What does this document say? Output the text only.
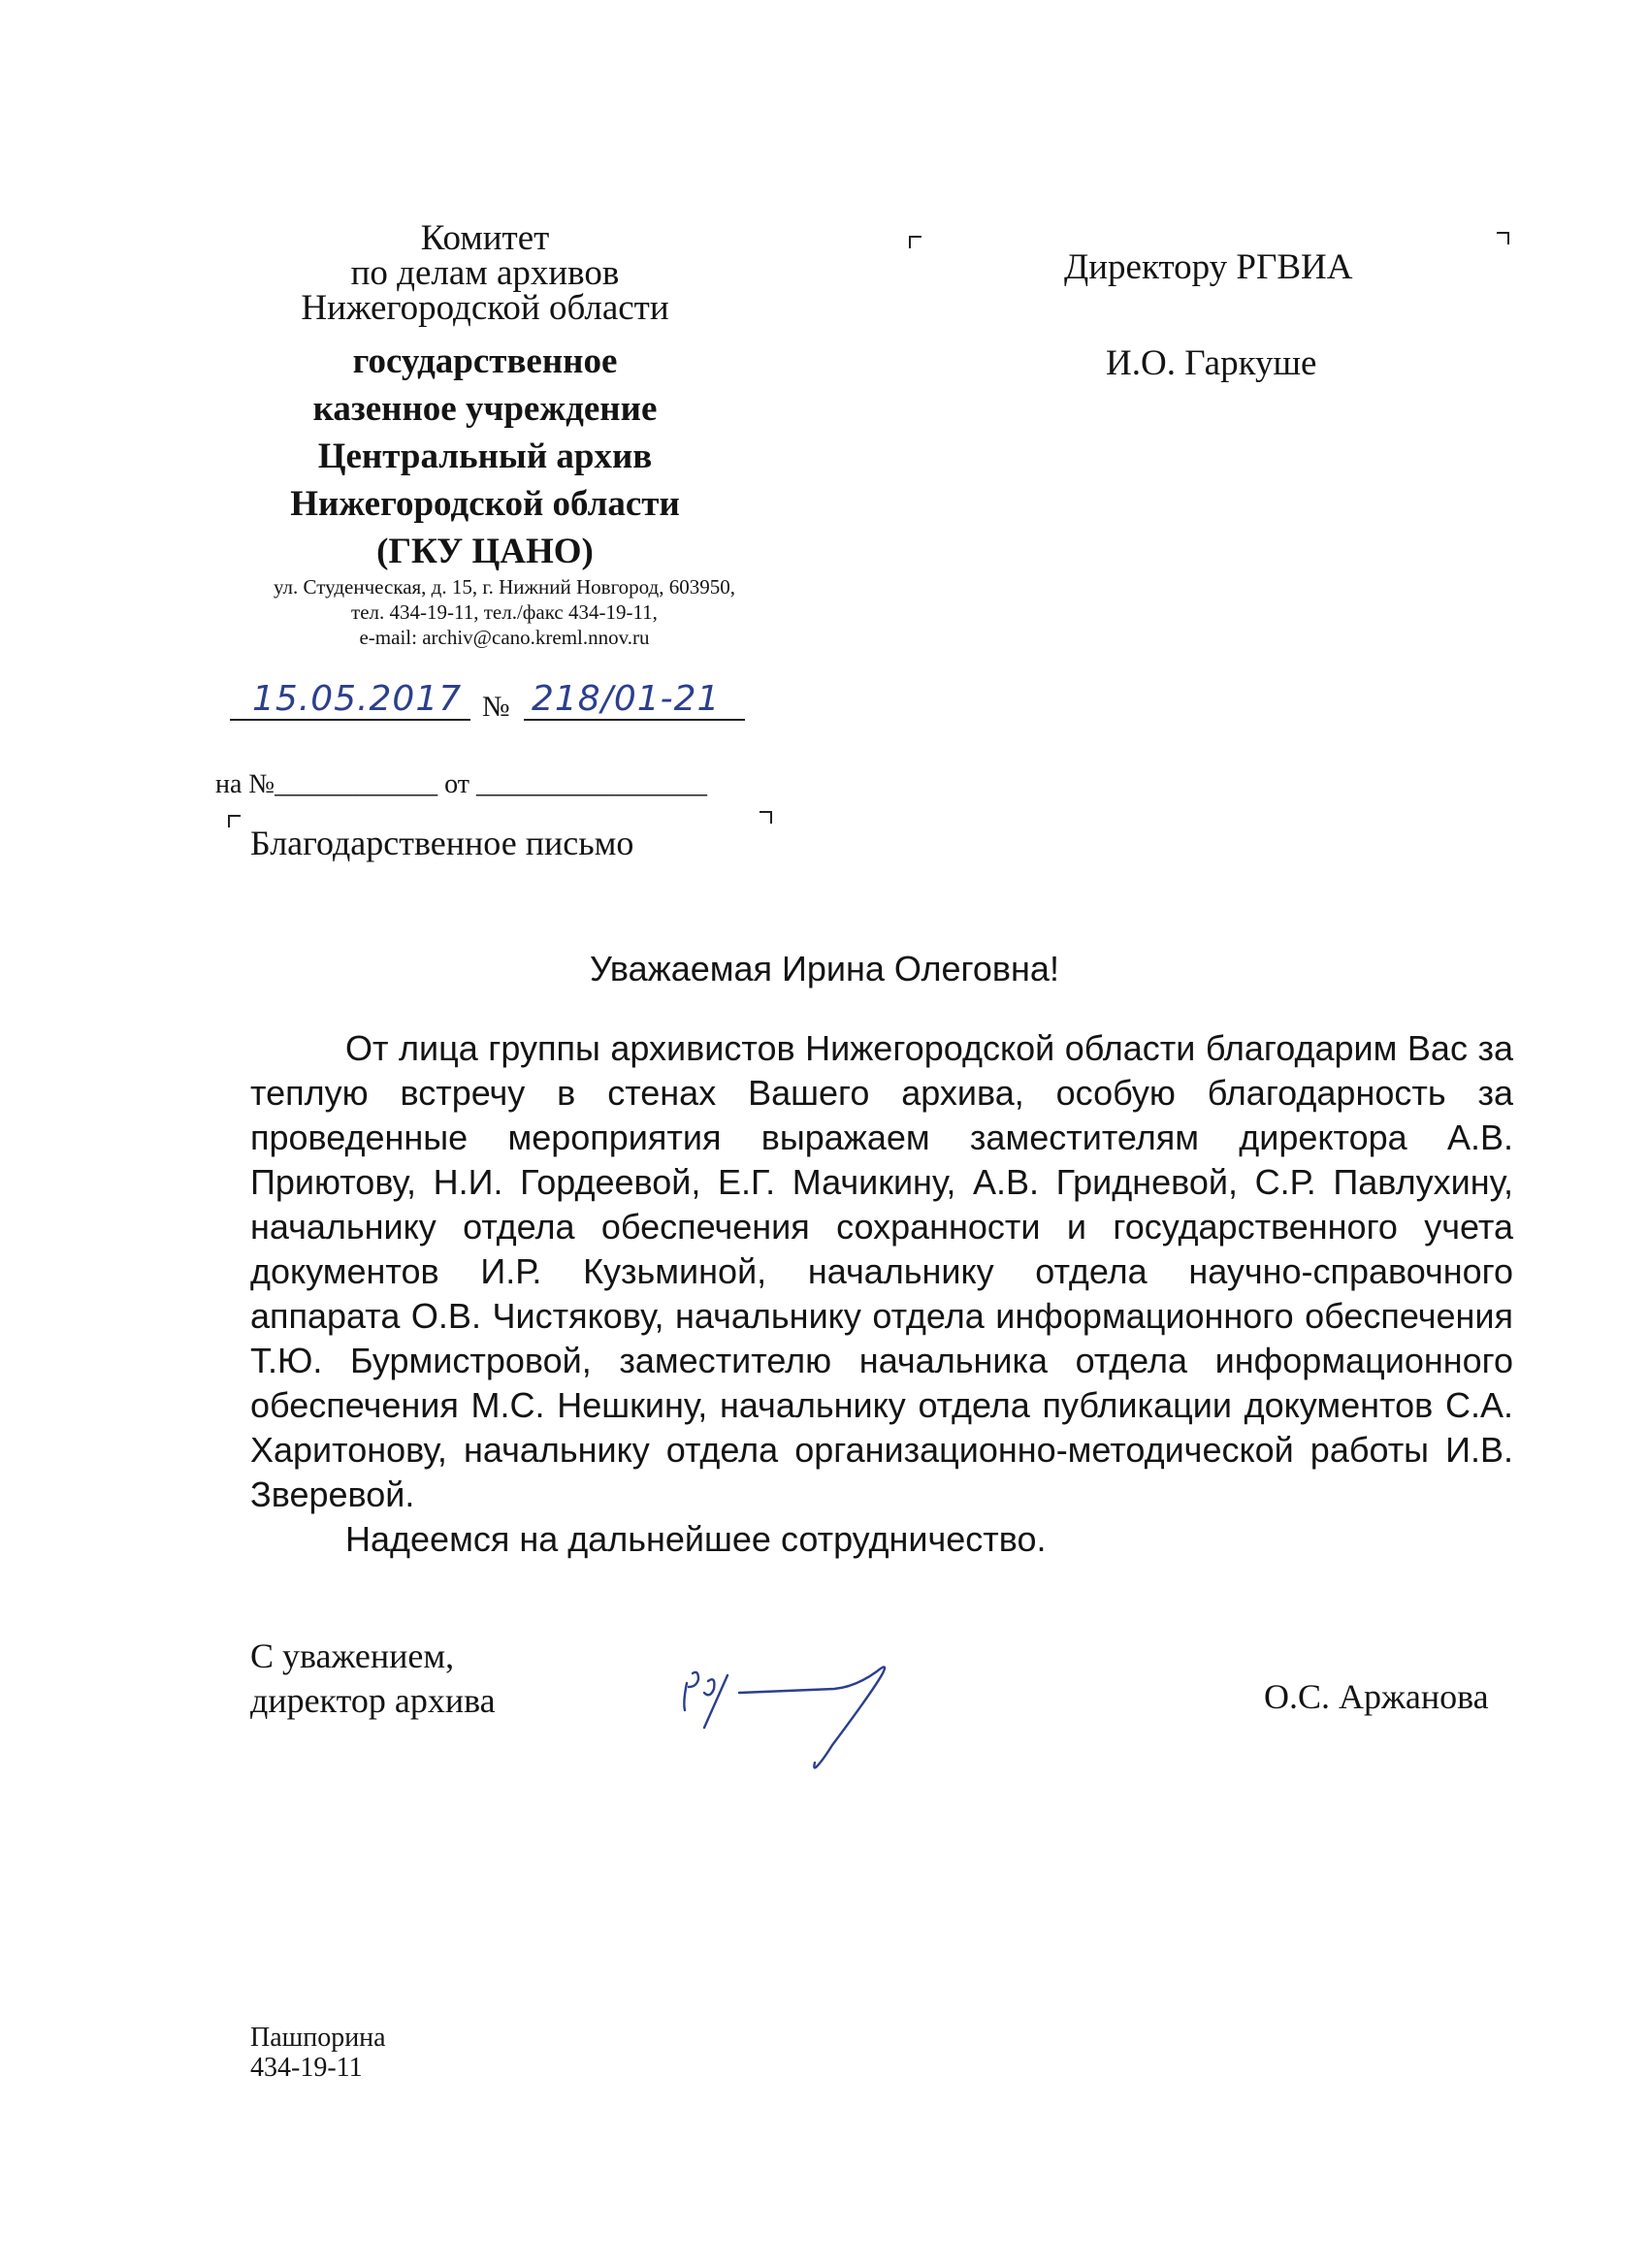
Комитет
по делам архивов
Нижегородской области
государственное
казенное учреждение
Центральный архив
Нижегородской области
(ГКУ ЦАНО)
ул. Студенческая, д. 15, г. Нижний Новгород, 603950,
тел. 434-19-11, тел./факс 434-19-11,
e-mail: archiv@cano.kreml.nnov.ru
15.05.2017 № 218/01-21
на №____________ от _________________
Благодарственное письмо
Директору РГВИА
И.О. Гаркуше
Уважаемая Ирина Олеговна!

От лица группы архивистов Нижегородской области благодарим Вас за теплую встречу в стенах Вашего архива, особую благодарность за проведенные мероприятия выражаем заместителям директора А.В. Приютову, Н.И. Гордеевой, Е.Г. Мачикину, А.В. Гридневой, С.Р. Павлухину, начальнику отдела обеспечения сохранности и государственного учета документов И.Р. Кузьминой, начальнику отдела научно-справочного аппарата О.В. Чистякову, начальнику отдела информационного обеспечения Т.Ю. Бурмистровой, заместителю начальника отдела информационного обеспечения М.С. Нешкину, начальнику отдела публикации документов С.А. Харитонову, начальнику отдела организационно-методической работы И.В. Зверевой.

Надеемся на дальнейшее сотрудничество.

С уважением,
директор архива	О.С. Аржанова
Пашпорина
434-19-11
